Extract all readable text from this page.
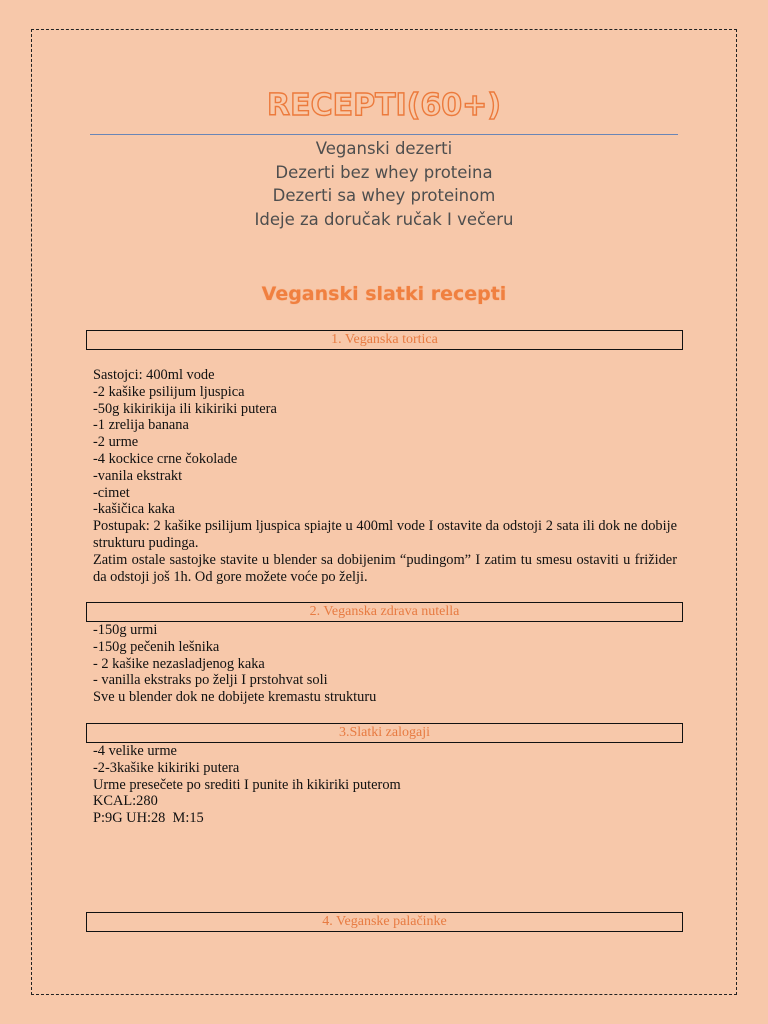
RECEPTI(60+)
Veganski dezerti
Dezerti bez whey proteina
Dezerti sa whey proteinom
Ideje za doručak ručak I večeru
Veganski slatki recepti
1. Veganska tortica
Sastojci: 400ml vode
-2 kašike psilijum ljuspica
-50g kikirikija ili kikiriki putera
-1 zrelija banana
-2 urme
-4 kockice crne čokolade
-vanila ekstrakt
-cimet
-kašičica kaka
Postupak: 2 kašike psilijum ljuspica spiajte u 400ml vode I ostavite da odstoji 2 sata ili dok ne dobije strukturu pudinga.
Zatim ostale sastojke stavite u blender sa dobijenim “pudingom” I zatim tu smesu ostaviti u frižider da odstoji još 1h. Od gore možete voće po želji.
2. Veganska zdrava nutella
-150g urmi
-150g pečenih lešnika
- 2 kašike nezasladjenog kaka
- vanilla ekstraks po želji I prstohvat soli
Sve u blender dok ne dobijete kremastu strukturu
3.Slatki zalogaji
-4 velike urme
-2-3kašike kikiriki putera
Urme presečete po srediti I punite ih kikiriki puterom
KCAL:280
P:9G UH:28  M:15
4. Veganske palačinke
